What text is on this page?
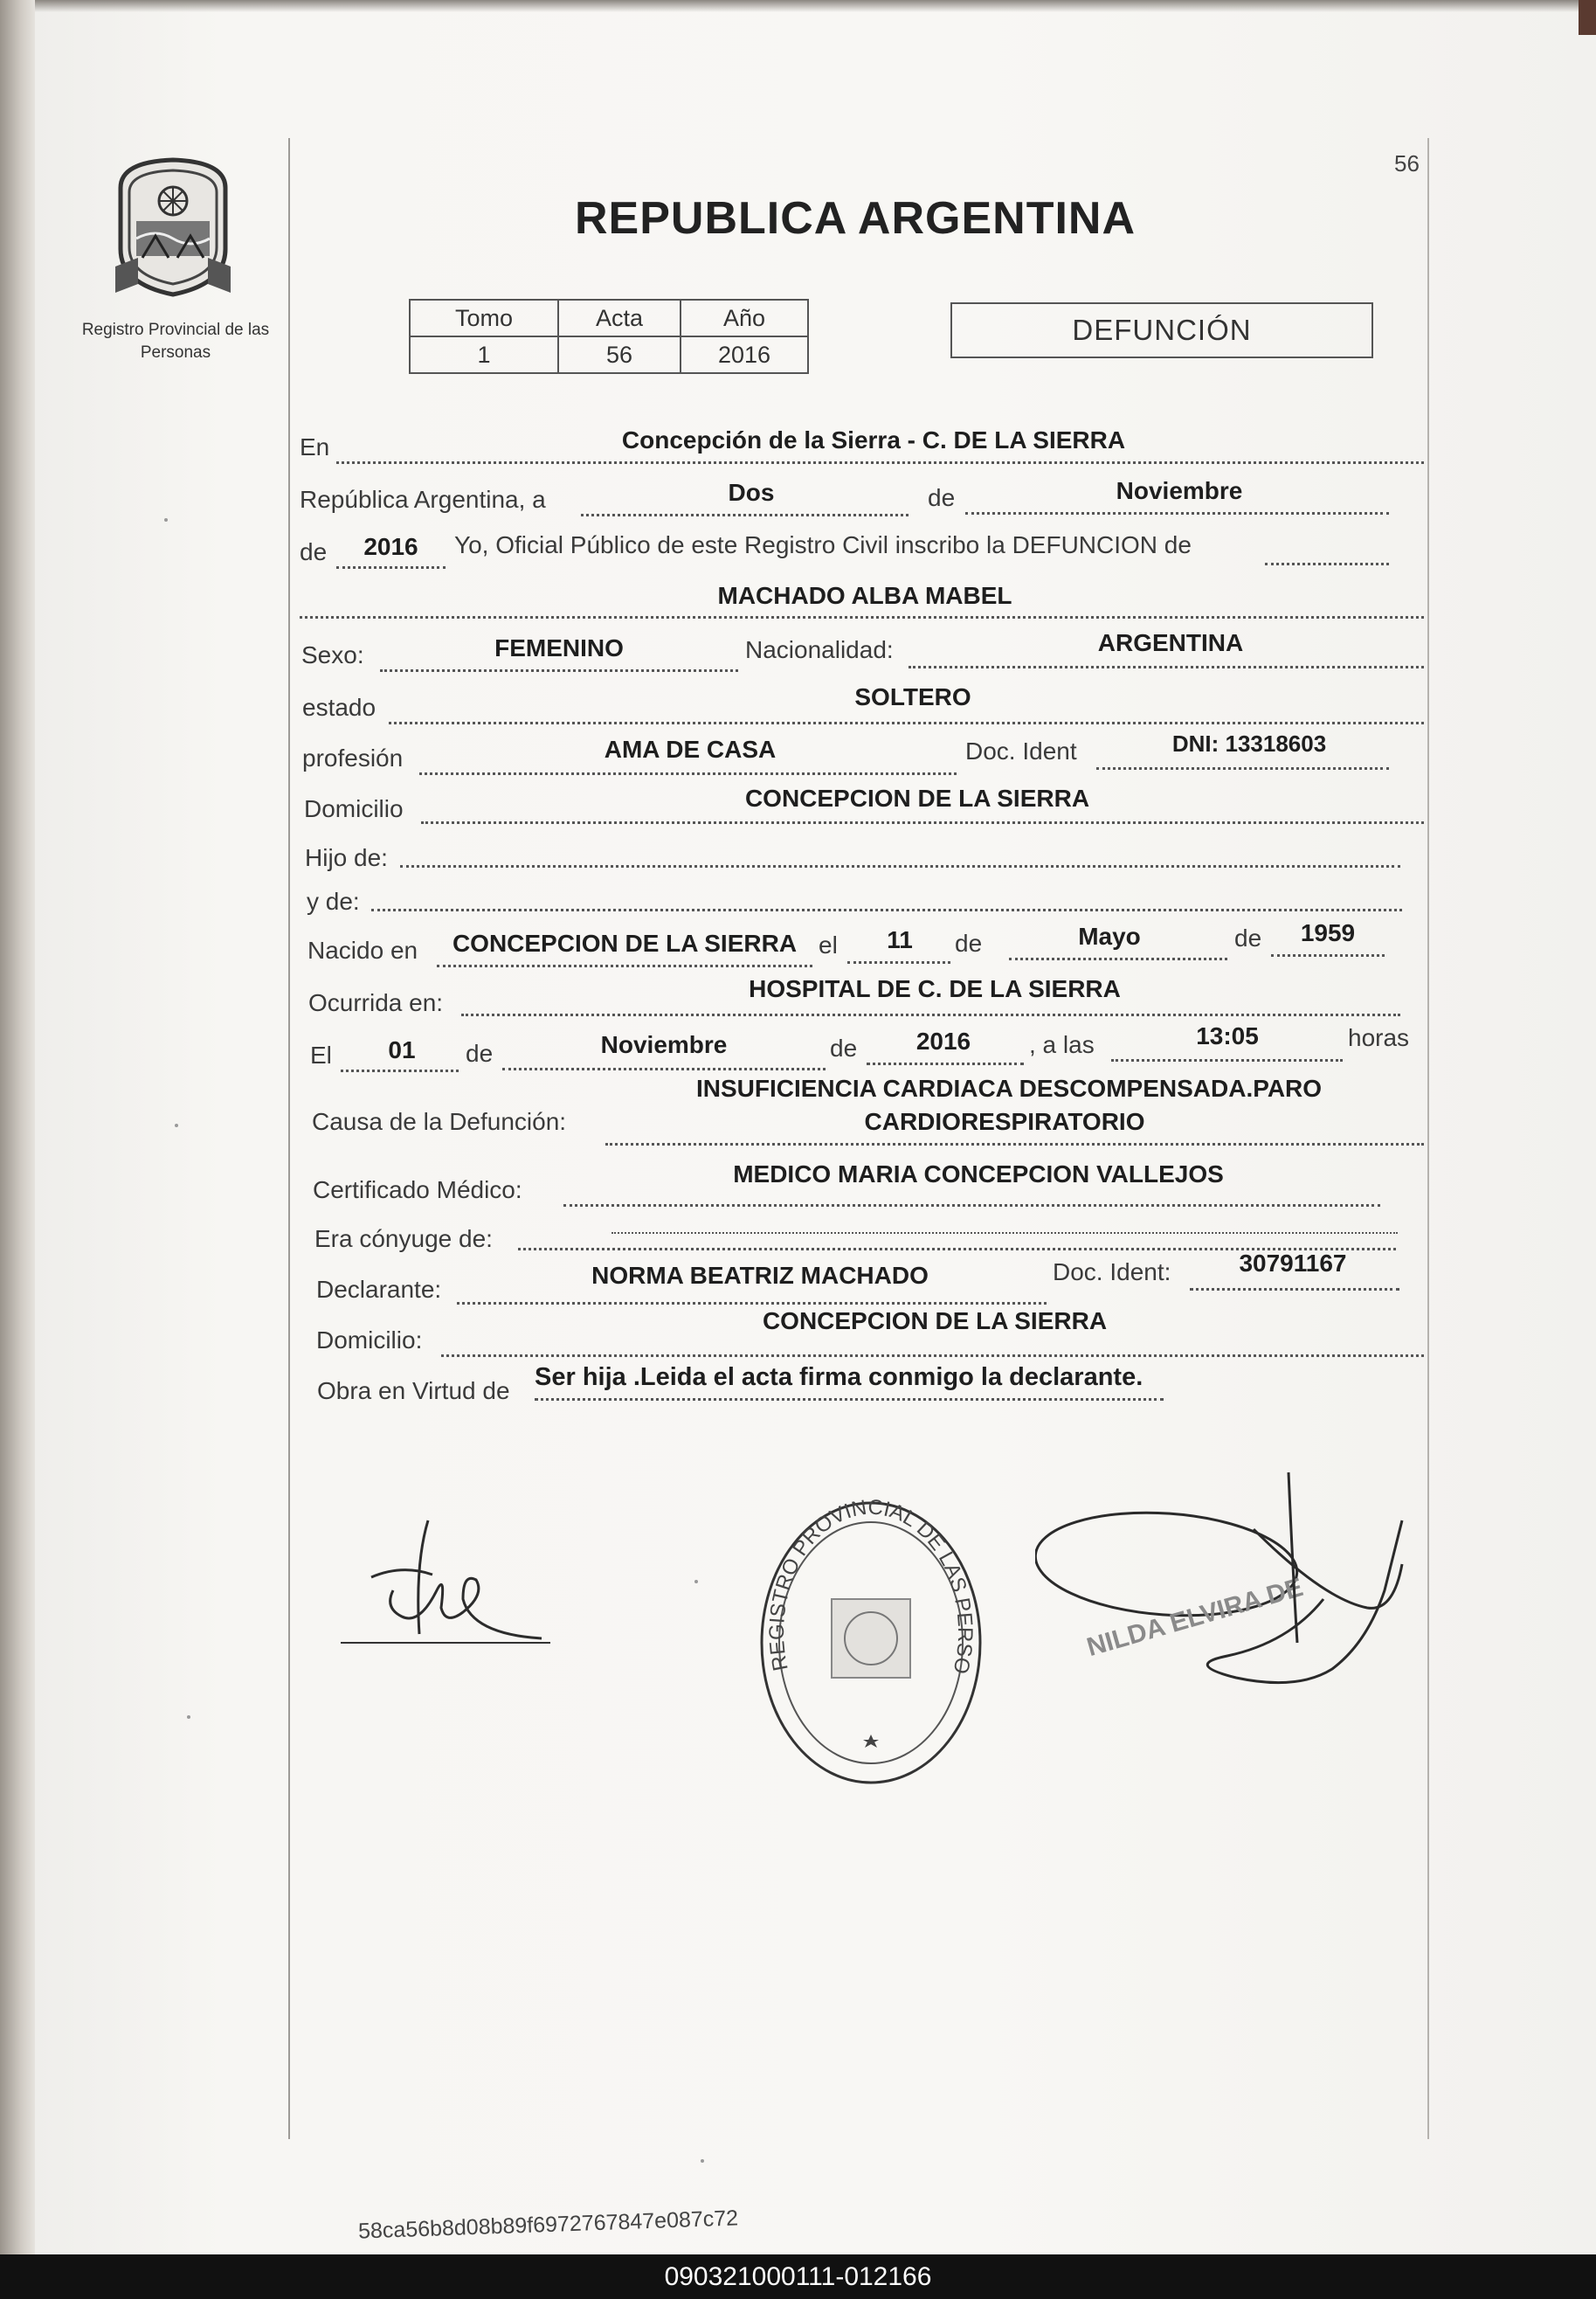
Registro Provincial de las Personas
56
REPUBLICA ARGENTINA
Tomo	Acta	Año
1	56	2016
DEFUNCIÓN
En	Concepción de la Sierra - C. DE LA SIERRA
República Argentina, a	Dos	de	Noviembre
de	2016	Yo, Oficial Público de este Registro Civil inscribo la DEFUNCION de
MACHADO ALBA MABEL
Sexo:	FEMENINO	Nacionalidad:	ARGENTINA
estado	SOLTERO
profesión	AMA DE CASA	Doc. Ident	DNI: 13318603
Domicilio	CONCEPCION DE LA SIERRA
Hijo de:
y de:
Nacido en	CONCEPCION DE LA SIERRA el	11	de	Mayo	de	1959
Ocurrida en:
HOSPITAL DE C. DE LA SIERRA
El	01	de	Noviembre	de	2016	, a las	13:05	horas
Causa de la Defunción:
INSUFICIENCIA CARDIACA DESCOMPENSADA.PARO
CARDIORESPIRATORIO
Certificado Médico:
MEDICO MARIA CONCEPCION VALLEJOS
Era cónyuge de:
Declarante:
NORMA BEATRIZ MACHADO	Doc. Ident:	30791167
Domicilio:
CONCEPCION DE LA SIERRA
Obra en Virtud de Ser hija .Leida el acta firma conmigo la declarante.
REGISTRO PROVINCIAL DE LAS PERSO
NILDA ELVIRA DE
58ca56b8d08b89f6972767847e087c72
090321000111-012166
